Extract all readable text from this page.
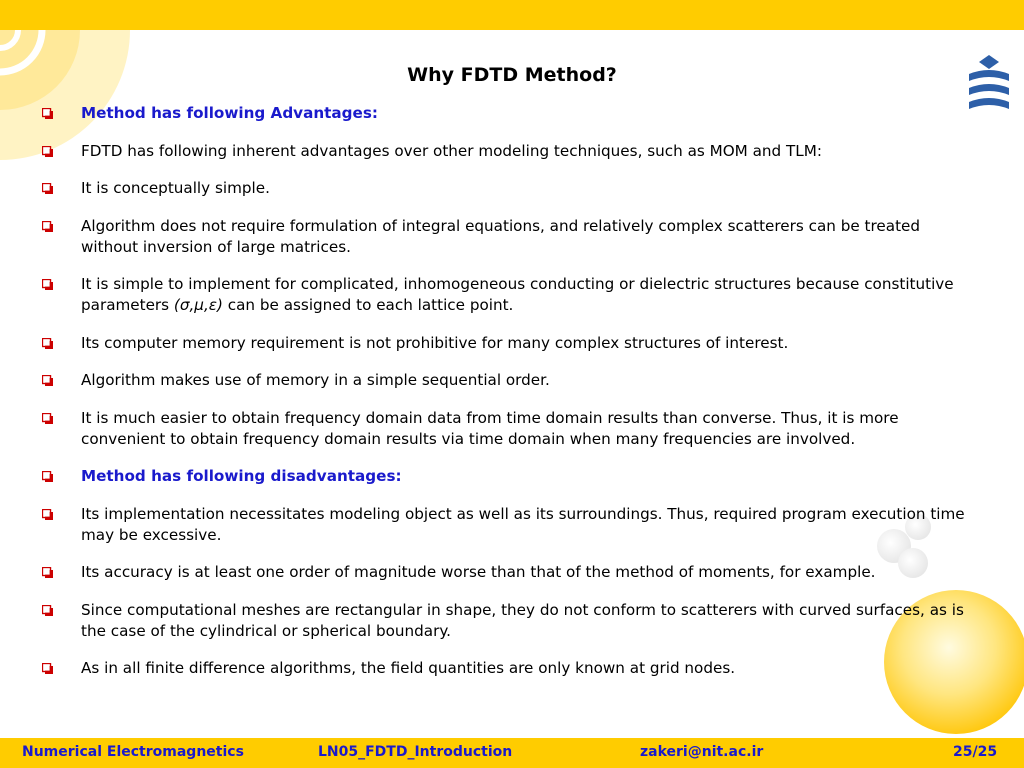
Why FDTD Method?
Method has following Advantages:
FDTD has following inherent advantages over other modeling techniques, such as MOM and TLM:
It is conceptually simple.
Algorithm does not require formulation of integral equations, and relatively complex scatterers can be treated without inversion of large matrices.
It is simple to implement for complicated, inhomogeneous conducting or dielectric structures because constitutive parameters (σ,μ,ε) can be assigned to each lattice point.
Its computer memory requirement is not prohibitive for many complex structures of interest.
Algorithm makes use of memory in a simple sequential order.
It is much easier to obtain frequency domain data from time domain results than converse. Thus, it is more convenient to obtain frequency domain results via time domain when many frequencies are involved.
Method has following disadvantages:
Its implementation necessitates modeling object as well as its surroundings. Thus, required program execution time may be excessive.
Its accuracy is at least one order of magnitude worse than that of the method of moments, for example.
Since computational meshes are rectangular in shape, they do not conform to scatterers with curved surfaces, as is the case of the cylindrical or spherical boundary.
As in all finite difference algorithms, the field quantities are only known at grid nodes.
Numerical Electromagnetics	LN05_FDTD_Introduction	zakeri@nit.ac.ir	25/25
